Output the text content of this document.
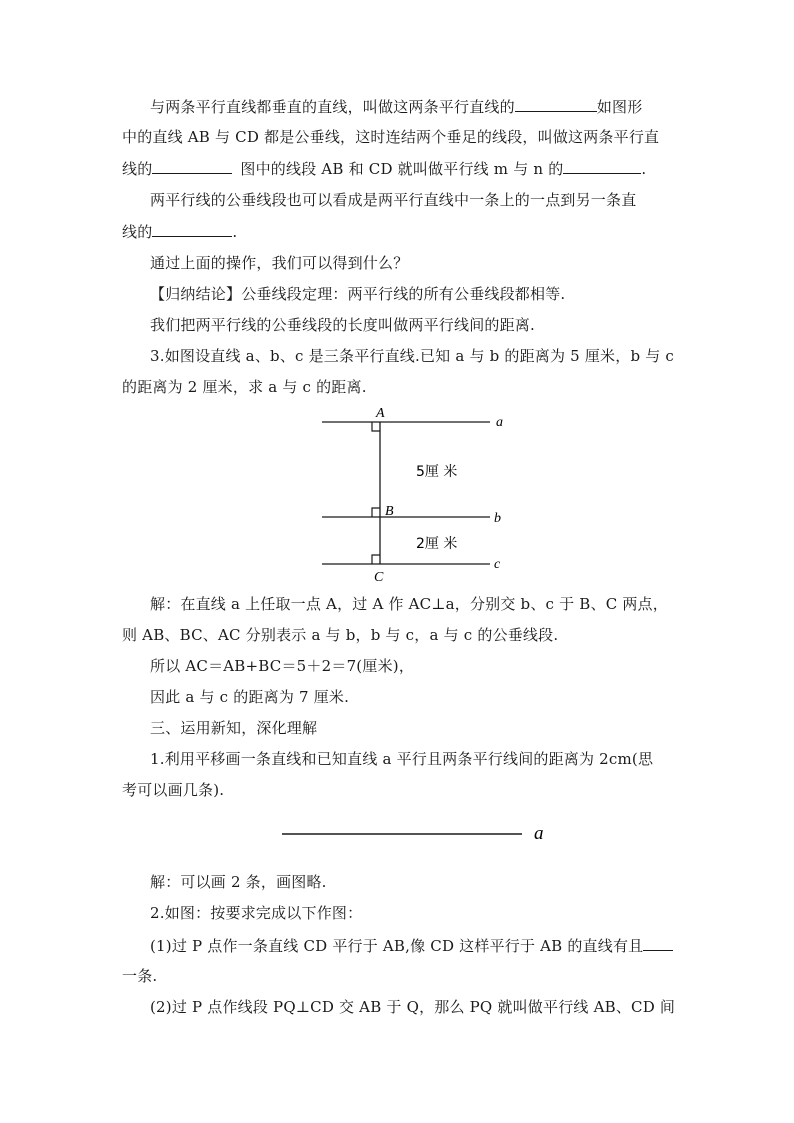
与两条平行直线都垂直的直线，叫做这两条平行直线的	如图形
中的直线 AB 与 CD 都是公垂线，这时连结两个垂足的线段，叫做这两条平行直
线的	图中的线段 AB 和 CD 就叫做平行线 m 与 n 的	.
两平行线的公垂线段也可以看成是两平行直线中一条上的一点到另一条直
线的	.
通过上面的操作，我们可以得到什么？
【归纳结论】公垂线段定理：两平行线的所有公垂线段都相等.
我们把两平行线的公垂线段的长度叫做两平行线间的距离.
3.如图设直线 a、b、c 是三条平行直线.已知 a 与 b 的距离为 5 厘米，b 与 c
的距离为 2 厘米，求 a 与 c 的距离.
A
B
C
a
b
c
5厘 米
2厘 米
解：在直线 a 上任取一点 A，过 A 作 AC⊥a，分别交 b、c 于 B、C 两点，
则 AB、BC、AC 分别表示 a 与 b，b 与 c，a 与 c 的公垂线段.
所以 AC＝AB+BC＝5＋2＝7(厘米)，
因此 a 与 c 的距离为 7 厘米.
三、运用新知，深化理解
1.利用平移画一条直线和已知直线 a 平行且两条平行线间的距离为 2cm(思
考可以画几条).
a
解：可以画 2 条，画图略.
2.如图：按要求完成以下作图：
(1)过 P 点作一条直线 CD 平行于 AB,像 CD 这样平行于 AB 的直线有且
一条.
(2)过 P 点作线段 PQ⊥CD 交 AB 于 Q，那么 PQ 就叫做平行线 AB、CD 间
